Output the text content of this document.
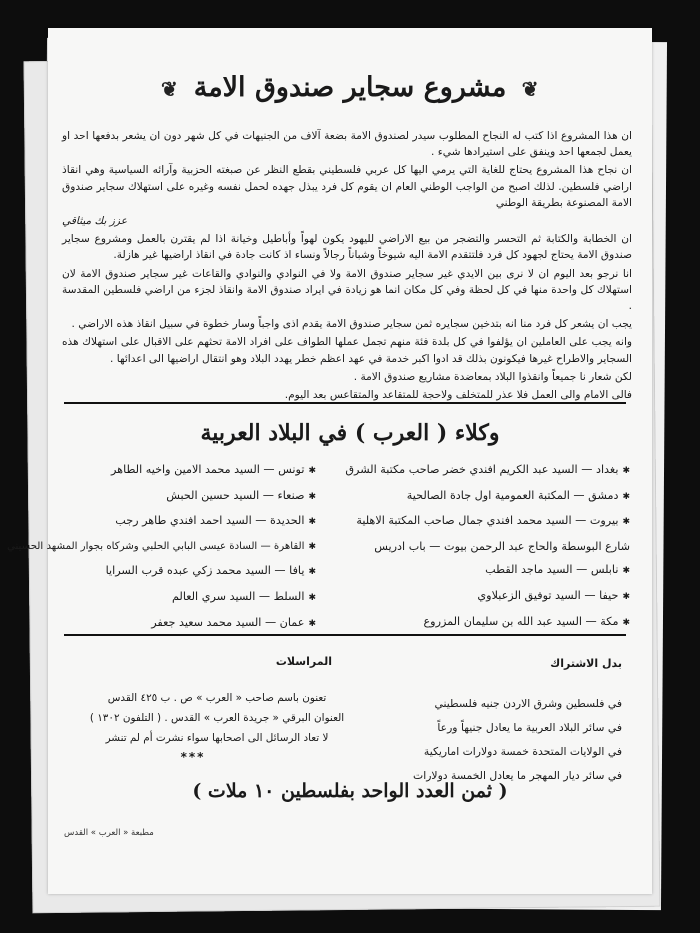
❦ مشروع سجاير صندوق الامة ❦

ان هذا المشروع اذا كتب له النجاح المطلوب سيدر لصندوق الامة بضعة آلاف من الجنيهات في كل شهر دون ان يشعر بدفعها احد او يعمل لجمعها احد وينفق على استيرادها شيء .

ان نجاح هذا المشروع يحتاج للغاية التي يرمي اليها كل عربي فلسطيني بقطع النظر عن صبغته الحزبية وآرائه السياسية وهي انقاذ اراضي فلسطين. لذلك اصبح من الواجب الوطني العام ان يقوم كل فرد يبذل جهده لحمل نفسه وغيره على استهلاك سجاير صندوق الامة المصنوعة بطريقة الوطني

عزز بك ميثاقي

ان الخطابة والكتابة ثم التحسر والتضجر من بيع الاراضي لليهود يكون لهواً وأباطيل وخيانة اذا لم يقترن بالعمل ومشروع سجاير صندوق الامة يحتاج لجهود كل فرد فلتتقدم الامة اليه شيوخاً وشباناً رجالاً ونساء اذ كانت جادة في انقاذ اراضيها غير هازلة.

انا نرجو بعد اليوم ان لا نرى بين الايدي غير سجاير صندوق الامة ولا في النوادي والنوادي والقاعات غير سجاير صندوق الامة لان استهلاك كل واحدة منها في كل لحظة وفي كل مكان انما هو زيادة في ايراد صندوق الامة وانقاذ لجزء من اراضي فلسطين المقدسة .

يجب ان يشعر كل فرد منا انه بتدخين سجايره ثمن سجاير صندوق الامة يقدم اذى واجباً وسار خطوة في سبيل انقاذ هذه الاراضي .

وانه يجب على العاملين ان يؤلفوا في كل بلدة فئة منهم تجمل عملها الطواف على افراد الامة تحثهم على الاقبال على استهلاك هذه السجاير والاطراح غيرها فيكونون بذلك قد ادوا اكبر خدمة في عهد اعظم خطر يهدد البلاد وهو انتقال اراضيها الى اعدائها .

لكن شعار نا جميعاً وانقذوا البلاد بمعاضدة مشاريع صندوق الامة .

فالى الامام والى العمل فلا عذر للمتخلف ولاحجة للمتقاعد والمتقاعس بعد اليوم.

وكلاء ( العرب ) في البلاد العربية
✱بغداد — السيد عبد الكريم افندي خضر صاحب مكتبة الشرق
✱دمشق — المكتبة العمومية اول جادة الصالحية
✱بيروت — السيد محمد افندي جمال صاحب المكتبة الاهلية
شارع البوسطة والحاج عبد الرحمن بيوت — باب ادريس
✱نابلس — السيد ماجد القطب
✱حيفا — السيد توفيق الزعبلاوي
✱مكة — السيد عبد الله بن سليمان المزروع
✱تونس — السيد محمد الامين واخيه الطاهر
✱صنعاء — السيد حسين الحبش
✱الحديدة — السيد احمد افندي طاهر رجب
✱القاهرة — السادة عيسى البابي الحلبي وشركاه بجوار المشهد الحسيني
✱يافا — السيد محمد زكي عبده قرب السرايا
✱السلط — السيد سري العالم
✱عمان — السيد محمد سعيد جعفر
بدل الاشتراك

في فلسطين وشرق الاردن جنيه فلسطيني

في سائر البلاد العربية ما يعادل جنيهاً ورعاً

في الولايات المتحدة خمسة دولارات اماريكية

في سائر ديار المهجر ما يعادل الخمسة دولارات

المراسلات

تعنون باسم صاحب « العرب » ص . ب ٤٢٥ القدس

العنوان البرقي « جريدة العرب » القدس . ( التلفون ١٣٠٢ )

لا تعاد الرسائل الى اصحابها سواء نشرت أم لم تنشر

***
( ثمن العدد الواحد بفلسطين ١٠ ملات )
مطبعة « العرب » القدس
